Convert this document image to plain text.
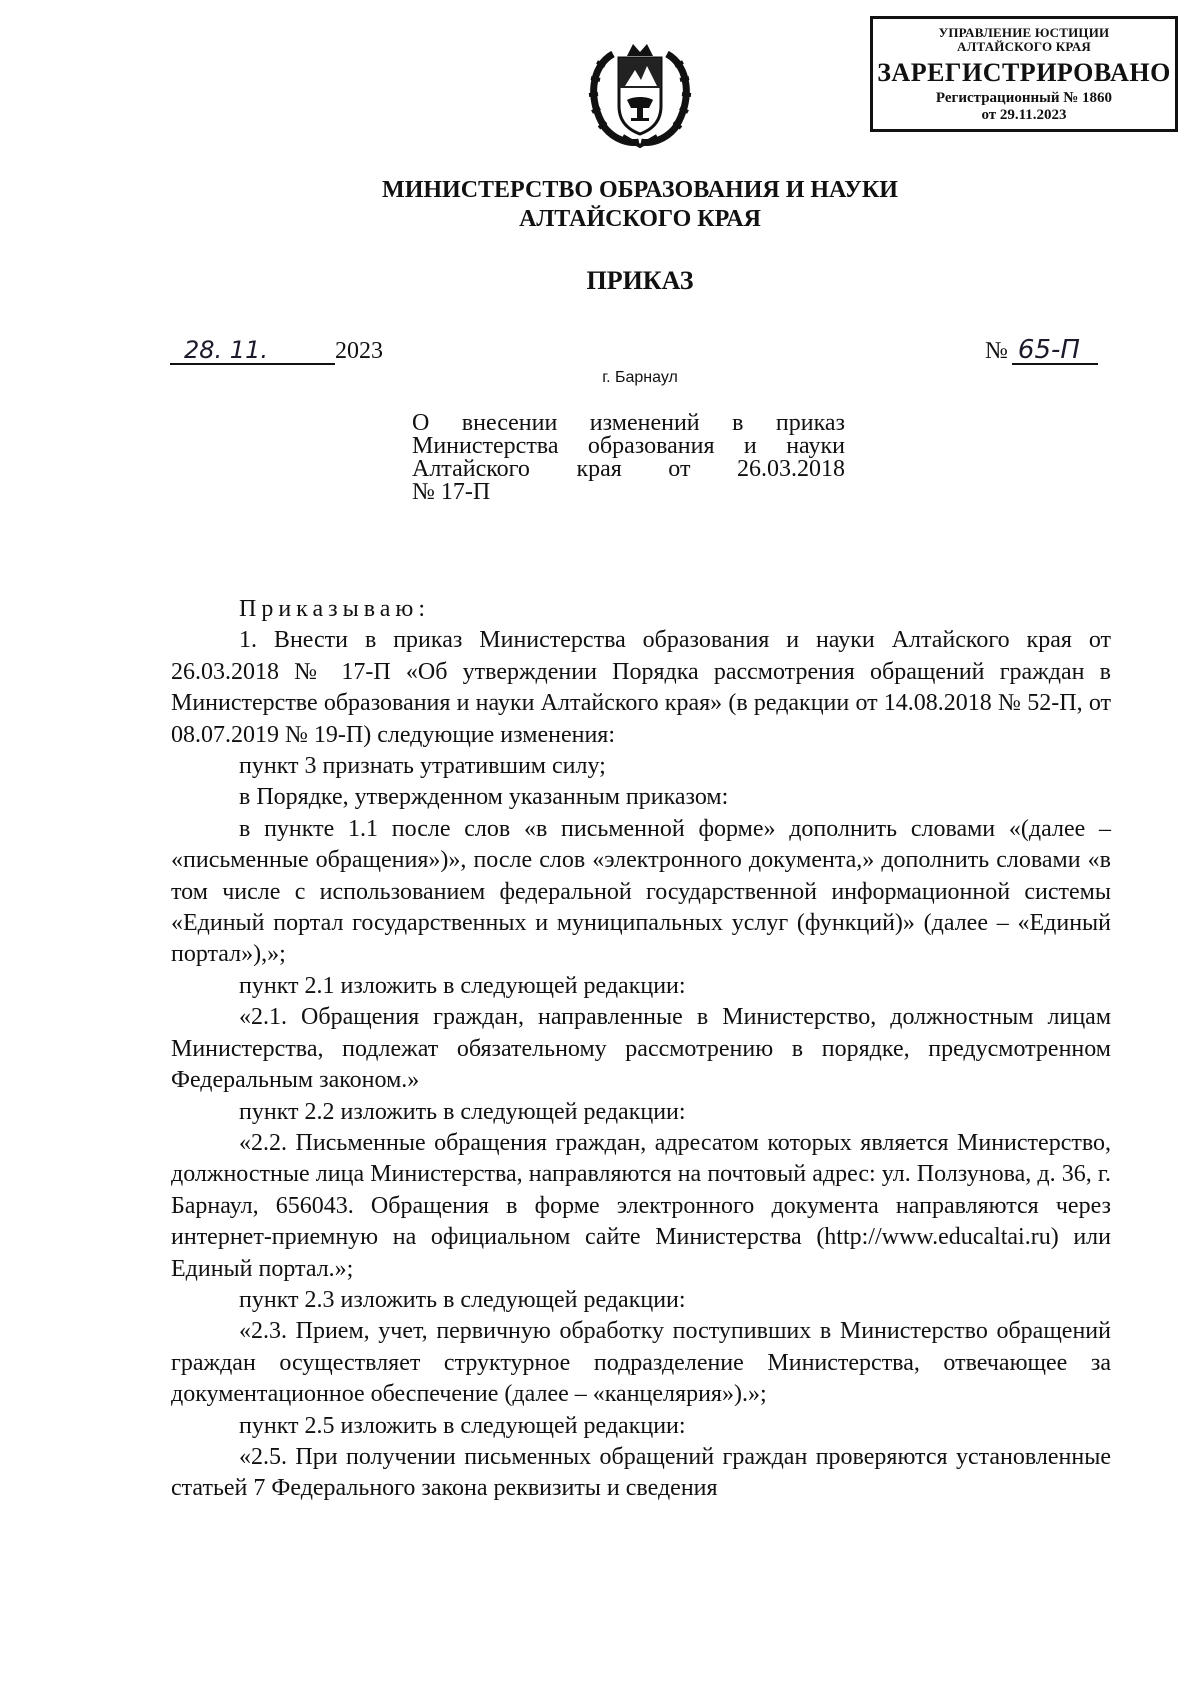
УПРАВЛЕНИЕ ЮСТИЦИИ
АЛТАЙСКОГО КРАЯ
ЗАРЕГИСТРИРОВАНО
Регистрационный № 1860
от 29.11.2023
МИНИСТЕРСТВО ОБРАЗОВАНИЯ И НАУКИ
АЛТАЙСКОГО КРАЯ
ПРИКАЗ
28. 11.	2023	№ 65-П
г. Барнаул
О внесении изменений в приказ
Министерства образования и науки
Алтайского края от 26.03.2018
№ 17-П

Приказываю:

1. Внести в приказ Министерства образования и науки Алтайского края от 26.03.2018 № 17-П «Об утверждении Порядка рассмотрения обращений граждан в Министерстве образования и науки Алтайского края» (в редакции от 14.08.2018 № 52-П, от 08.07.2019 № 19-П) следующие изменения:

пункт 3 признать утратившим силу;

в Порядке, утвержденном указанным приказом:

в пункте 1.1 после слов «в письменной форме» дополнить словами «(далее – «письменные обращения»)», после слов «электронного документа,» дополнить словами «в том числе с использованием федеральной государственной информационной системы «Единый портал государственных и муниципальных услуг (функций)» (далее – «Единый портал»),»;

пункт 2.1 изложить в следующей редакции:

«2.1. Обращения граждан, направленные в Министерство, должностным лицам Министерства, подлежат обязательному рассмотрению в порядке, предусмотренном Федеральным законом.»

пункт 2.2 изложить в следующей редакции:

«2.2. Письменные обращения граждан, адресатом которых является Министерство, должностные лица Министерства, направляются на почтовый адрес: ул. Ползунова, д. 36, г. Барнаул, 656043. Обращения в форме электронного документа направляются через интернет-приемную на официальном сайте Министерства (http://www.educaltai.ru) или Единый портал.»;

пункт 2.3 изложить в следующей редакции:

«2.3. Прием, учет, первичную обработку поступивших в Министерство обращений граждан осуществляет структурное подразделение Министерства, отвечающее за документационное обеспечение (далее – «канцелярия»).»;

пункт 2.5 изложить в следующей редакции:

«2.5. При получении письменных обращений граждан проверяются установленные статьей 7 Федерального закона реквизиты и сведения
